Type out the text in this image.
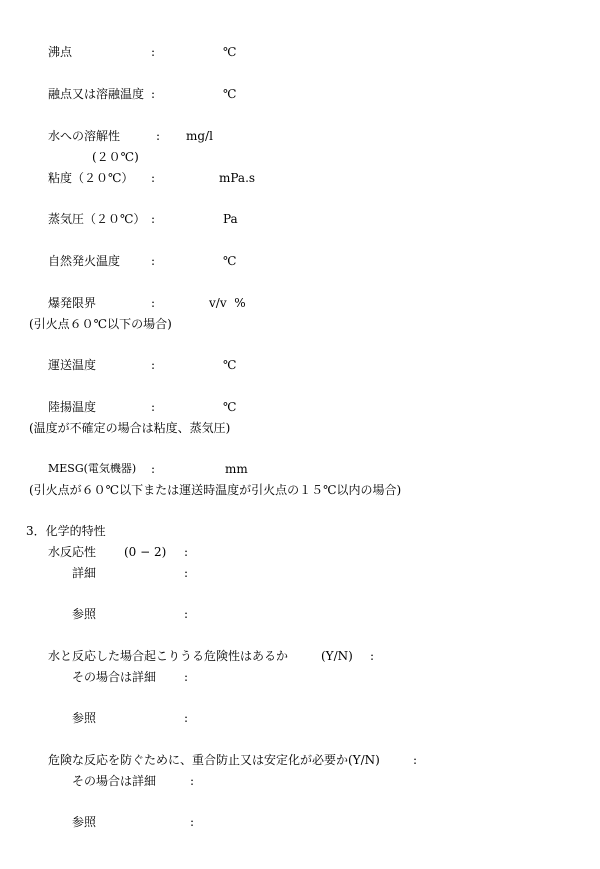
沸点	:	℃
融点又は溶融温度 :	℃
水への溶解性	: mg/l
(２０℃)
粘度（２０℃） :	mPa.s
蒸気圧（２０℃） :	Pa
自然発火温度	:	℃
爆発限界	:	v/v  %
(引火点６０℃以下の場合)
運送温度	:	℃
陸揚温度	:	℃
(温度が不確定の場合は粘度、蒸気圧)
MESG(電気機器) :	mm
(引火点が６０℃以下または運送時温度が引火点の１５℃以内の場合)
3．化学的特性
水反応性 (0 − 2) :
詳細	:
参照	:
水と反応した場合起こりうる危険性はあるか	(Y/N) :
その場合は詳細 :
参照	:
危険な反応を防ぐために、重合防止又は安定化が必要か(Y/N)	:
その場合は詳細	:
参照	:
